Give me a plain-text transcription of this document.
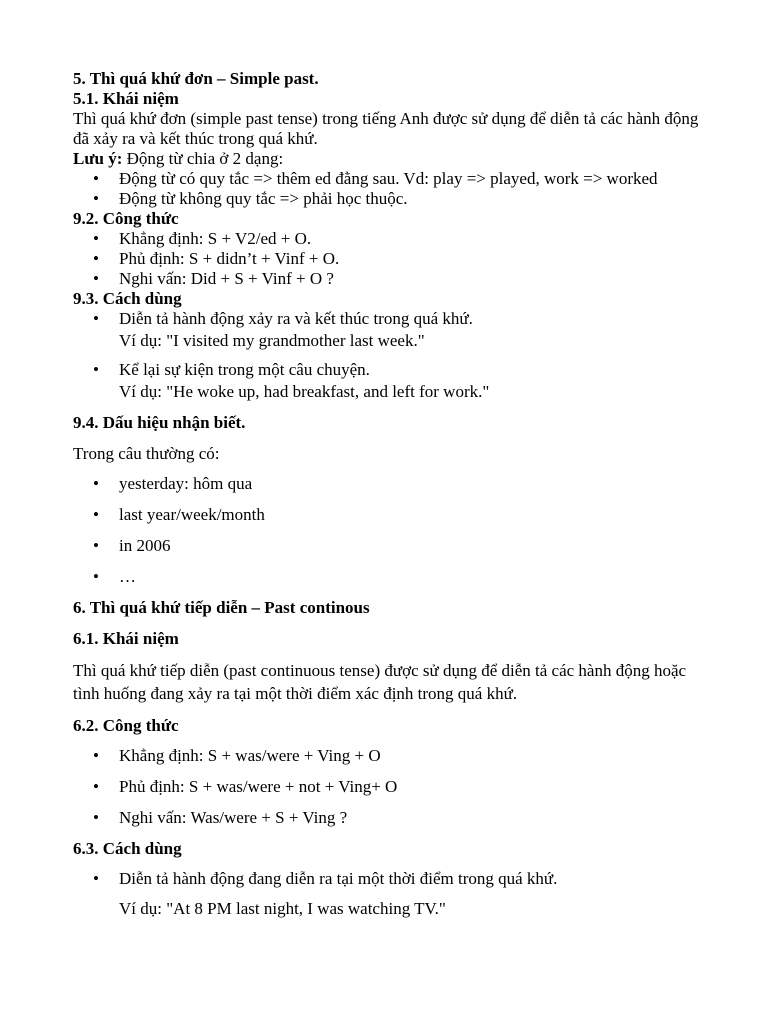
5. Thì quá khứ đơn – Simple past.

5.1. Khái niệm

Thì quá khứ đơn (simple past tense) trong tiếng Anh được sử dụng để diễn tả các hành động đã xảy ra và kết thúc trong quá khứ.

Lưu ý: Động từ chia ở 2 dạng:

• Động từ có quy tắc => thêm ed đằng sau. Vd: play => played, work => worked
• Động từ không quy tắc => phải học thuộc.

9.2. Công thức

• Khẳng định: S + V2/ed + O.
• Phủ định: S + didn’t + Vinf + O.
• Nghi vấn: Did + S + Vinf + O ?

9.3. Cách dùng

• Diễn tả hành động xảy ra và kết thúc trong quá khứ.
Ví dụ: "I visited my grandmother last week."
• Kể lại sự kiện trong một câu chuyện.
Ví dụ: "He woke up, had breakfast, and left for work."

9.4. Dấu hiệu nhận biết.

Trong câu thường có:

• yesterday: hôm qua
• last year/week/month
• in 2006
• …

6. Thì quá khứ tiếp diễn – Past continous

6.1. Khái niệm

Thì quá khứ tiếp diễn (past continuous tense) được sử dụng để diễn tả các hành động hoặc tình huống đang xảy ra tại một thời điểm xác định trong quá khứ.

6.2. Công thức

• Khẳng định: S + was/were + Ving + O
• Phủ định: S + was/were + not + Ving+ O
• Nghi vấn: Was/were + S + Ving ?

6.3. Cách dùng

• Diễn tả hành động đang diễn ra tại một thời điểm trong quá khứ.

Ví dụ: "At 8 PM last night, I was watching TV."
